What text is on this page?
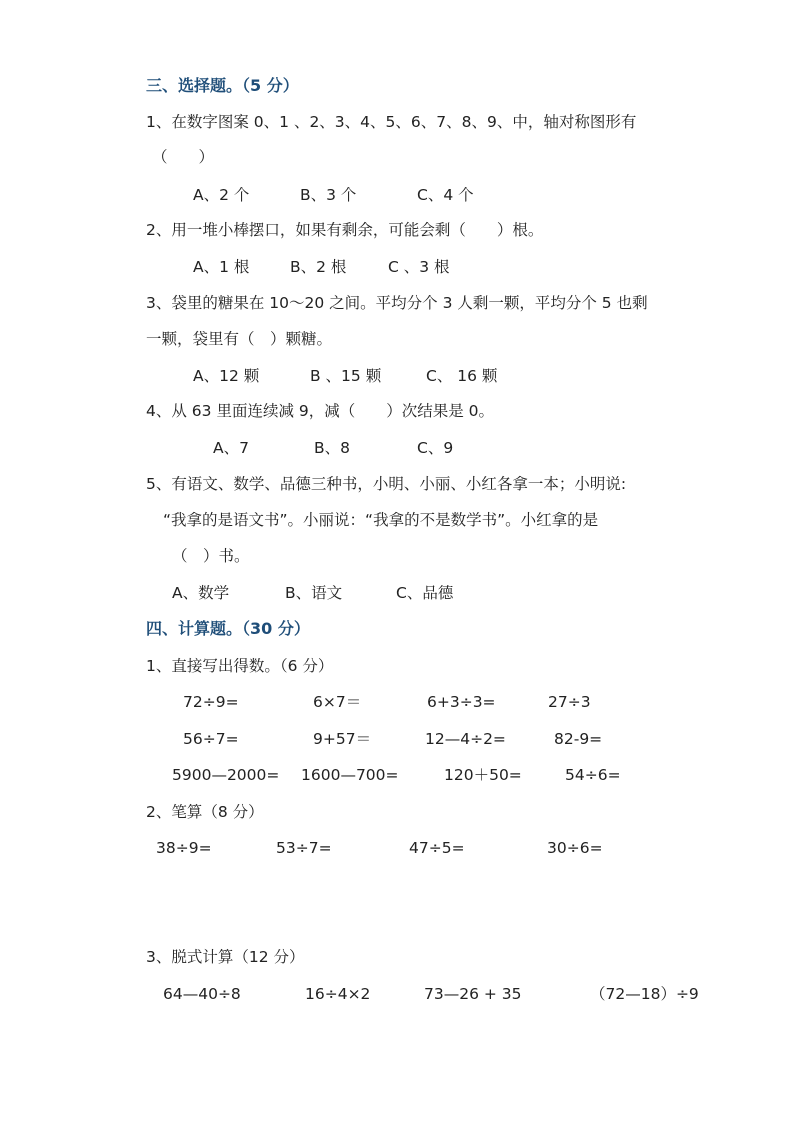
三、选择题。（5 分）
1、在数字图案 0、1 、2、3、4、5、6、7、8、9、中，轴对称图形有
（　　）
A、2 个	B、3 个	C、4 个
2、用一堆小棒摆口，如果有剩余，可能会剩（　　）根。
A、1 根	B、2 根	C 、3 根
3、袋里的糖果在 10～20 之间。平均分个 3 人剩一颗，平均分个 5 也剩
一颗，袋里有（　）颗糖。
A、12 颗	B 、15 颗	C、 16 颗
4、从 63 里面连续减 9，减（　　）次结果是 0。
A、7	B、8	C、9
5、有语文、数学、品德三种书，小明、小丽、小红各拿一本；小明说:
“我拿的是语文书”。小丽说：“我拿的不是数学书”。小红拿的是
（　）书。
A、数学	B、语文	C、品德
四、计算题。（30 分）
1、直接写出得数。（6 分）
72÷9=	6×7＝	6+3÷3=	27÷3
56÷7=	9+57＝	12—4÷2=	82-9=
5900—2000= 1600—700=	120＋50=	54÷6=
2、笔算（8 分）
38÷9=	53÷7=	47÷5=	30÷6=
3、脱式计算（12 分）
64—40÷8	16÷4×2	73—26 + 35	（72—18）÷9
